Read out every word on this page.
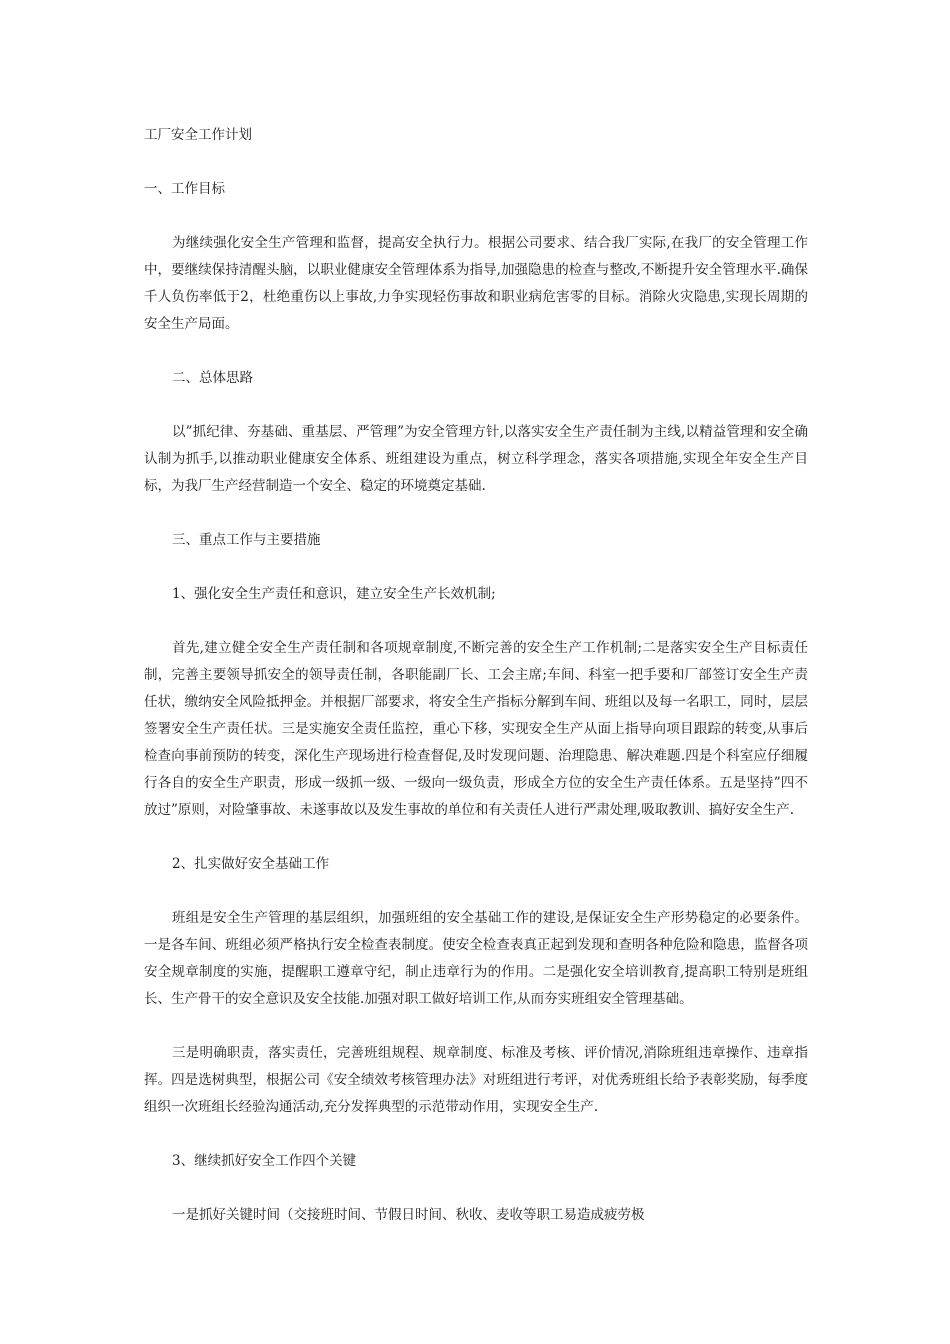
工厂安全工作计划

一、工作目标

为继续强化安全生产管理和监督，提高安全执行力。根据公司要求、结合我厂实际,在我厂的安全管理工作中，要继续保持清醒头脑，以职业健康安全管理体系为指导,加强隐患的检查与整改,不断提升安全管理水平.确保千人负伤率低于2，杜绝重伤以上事故,力争实现轻伤事故和职业病危害零的目标。消除火灾隐患,实现长周期的安全生产局面。

二、总体思路

以”抓纪律、夯基础、重基层、严管理”为安全管理方针,以落实安全生产责任制为主线,以精益管理和安全确认制为抓手,以推动职业健康安全体系、班组建设为重点，树立科学理念，落实各项措施,实现全年安全生产目标，为我厂生产经营制造一个安全、稳定的环境奠定基础.

三、重点工作与主要措施

1、强化安全生产责任和意识，建立安全生产长效机制;

首先,建立健全安全生产责任制和各项规章制度,不断完善的安全生产工作机制;二是落实安全生产目标责任制，完善主要领导抓安全的领导责任制，各职能副厂长、工会主席;车间、科室一把手要和厂部签订安全生产责任状，缴纳安全风险抵押金。并根据厂部要求，将安全生产指标分解到车间、班组以及每一名职工，同时，层层签署安全生产责任状。三是实施安全责任监控，重心下移，实现安全生产从面上指导向项目跟踪的转变,从事后检查向事前预防的转变，深化生产现场进行检查督促,及时发现问题、治理隐患、解决难题.四是个科室应仔细履行各自的安全生产职责，形成一级抓一级、一级向一级负责，形成全方位的安全生产责任体系。五是坚持”四不放过”原则，对险肇事故、未遂事故以及发生事故的单位和有关责任人进行严肃处理,吸取教训、搞好安全生产.

2、扎实做好安全基础工作

班组是安全生产管理的基层组织，加强班组的安全基础工作的建设,是保证安全生产形势稳定的必要条件。一是各车间、班组必须严格执行安全检查表制度。使安全检查表真正起到发现和查明各种危险和隐患，监督各项安全规章制度的实施，提醒职工遵章守纪，制止违章行为的作用。二是强化安全培训教育,提高职工特别是班组长、生产骨干的安全意识及安全技能.加强对职工做好培训工作,从而夯实班组安全管理基础。

三是明确职责，落实责任，完善班组规程、规章制度、标准及考核、评价情况,消除班组违章操作、违章指挥。四是选树典型，根据公司《安全绩效考核管理办法》对班组进行考评，对优秀班组长给予表彰奖励，每季度组织一次班组长经验沟通活动,充分发挥典型的示范带动作用，实现安全生产.

3、继续抓好安全工作四个关键

一是抓好关键时间（交接班时间、节假日时间、秋收、麦收等职工易造成疲劳极
